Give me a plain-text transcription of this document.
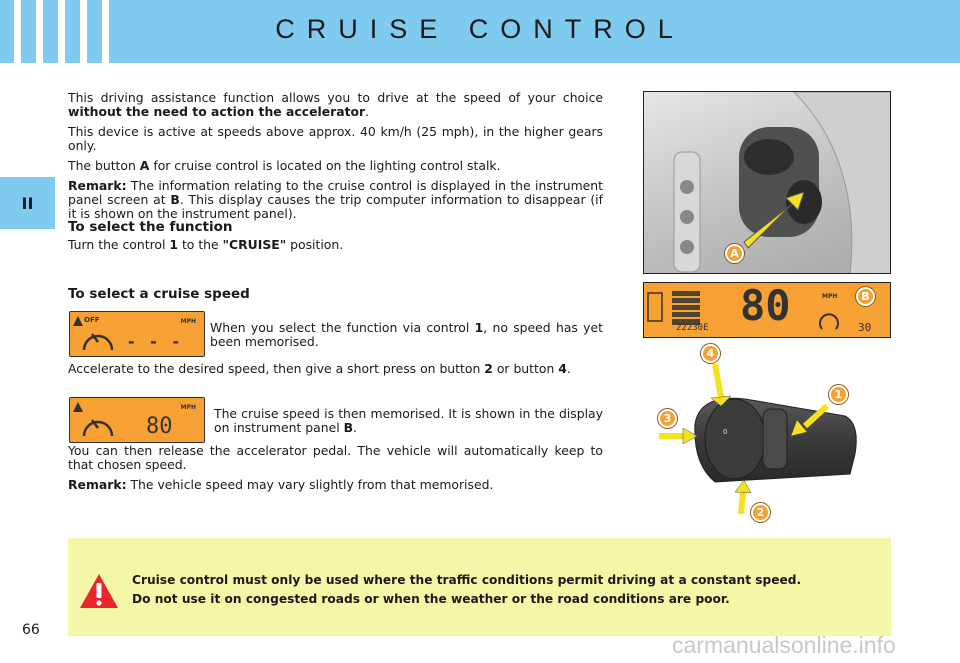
CRUISE CONTROL
II

This driving assistance function allows you to drive at the speed of your choice without the need to action the accelerator.

This device is active at speeds above approx. 40 km/h (25 mph), in the higher gears only.

The button A for cruise control is located on the lighting control stalk.

Remark: The information relating to the cruise control is displayed in the instrument panel screen at B. This display causes the trip computer information to disappear (if it is shown on the instrument panel).

To select the function
Turn the control 1 to the "CRUISE" position.
To select a cruise speed
OFF	MPH
- - -
When you select the function via control 1, no speed has yet been memorised.
Accelerate to the desired speed, then give a short press on button 2 or button 4.
MPH
80
The cruise speed is then memorised. It is shown in the display on instrument panel B.

You can then release the accelerator pedal. The vehicle will automatically keep to that chosen speed.

Remark: The vehicle speed may vary slightly from that memorised.

A
80	MPH
22230E	30
B
0
4
1
3
2
Cruise control must only be used where the traffic conditions permit driving at a constant speed.
Do not use it on congested roads or when the weather or the road conditions are poor.
66
carmanualsonline.info
